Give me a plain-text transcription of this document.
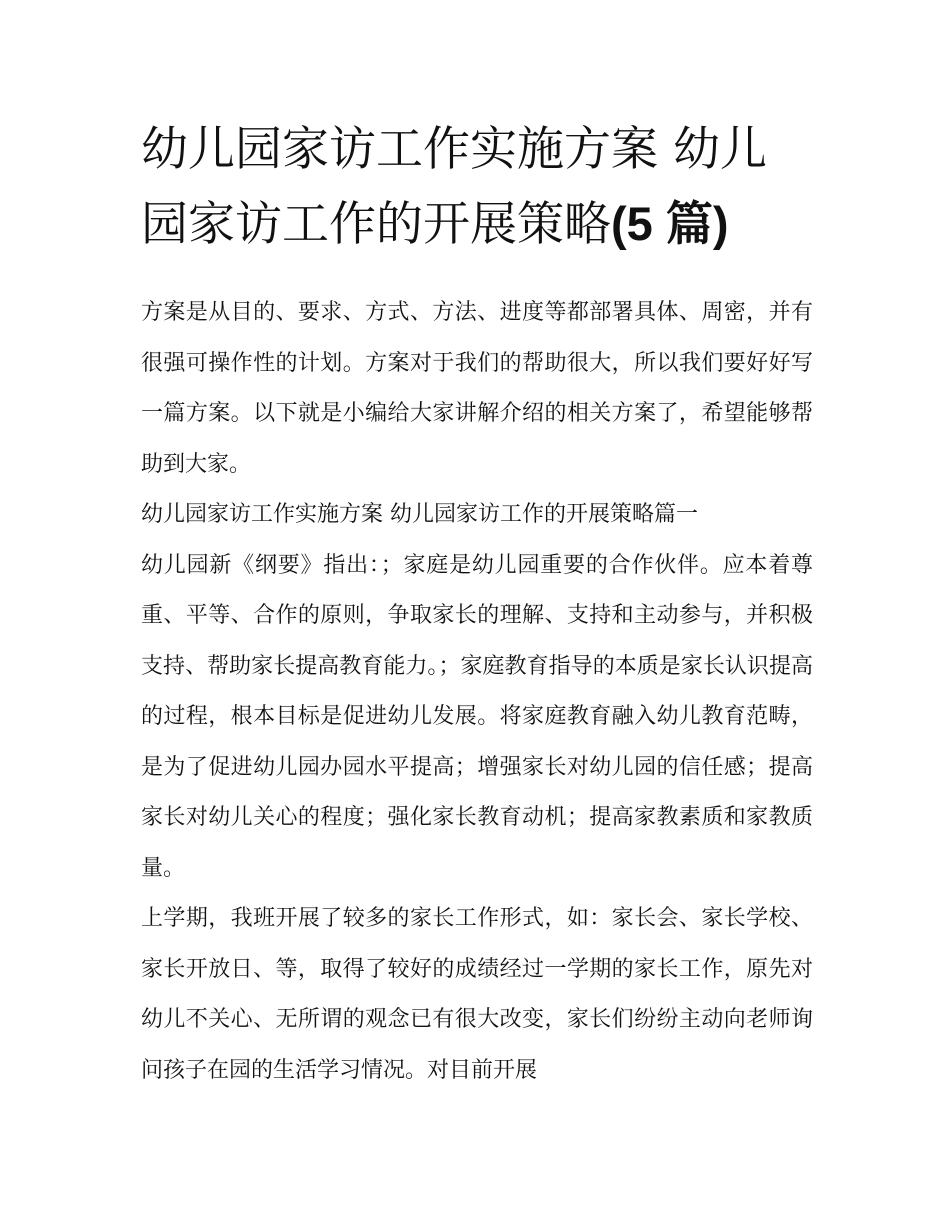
幼儿园家访工作实施方案 幼儿园家访工作的开展策略(5 篇)

方案是从目的、要求、方式、方法、进度等都部署具体、周密，并有很强可操作性的计划。方案对于我们的帮助很大，所以我们要好好写一篇方案。以下就是小编给大家讲解介绍的相关方案了，希望能够帮助到大家。

幼儿园家访工作实施方案 幼儿园家访工作的开展策略篇一

幼儿园新《纲要》指出：；家庭是幼儿园重要的合作伙伴。应本着尊重、平等、合作的原则，争取家长的理解、支持和主动参与，并积极支持、帮助家长提高教育能力。；家庭教育指导的本质是家长认识提高的过程，根本目标是促进幼儿发展。将家庭教育融入幼儿教育范畴，是为了促进幼儿园办园水平提高；增强家长对幼儿园的信任感；提高家长对幼儿关心的程度；强化家长教育动机；提高家教素质和家教质量。

上学期，我班开展了较多的家长工作形式，如：家长会、家长学校、家长开放日、等，取得了较好的成绩经过一学期的家长工作，原先对幼儿不关心、无所谓的观念已有很大改变，家长们纷纷主动向老师询问孩子在园的生活学习情况。对目前开展
